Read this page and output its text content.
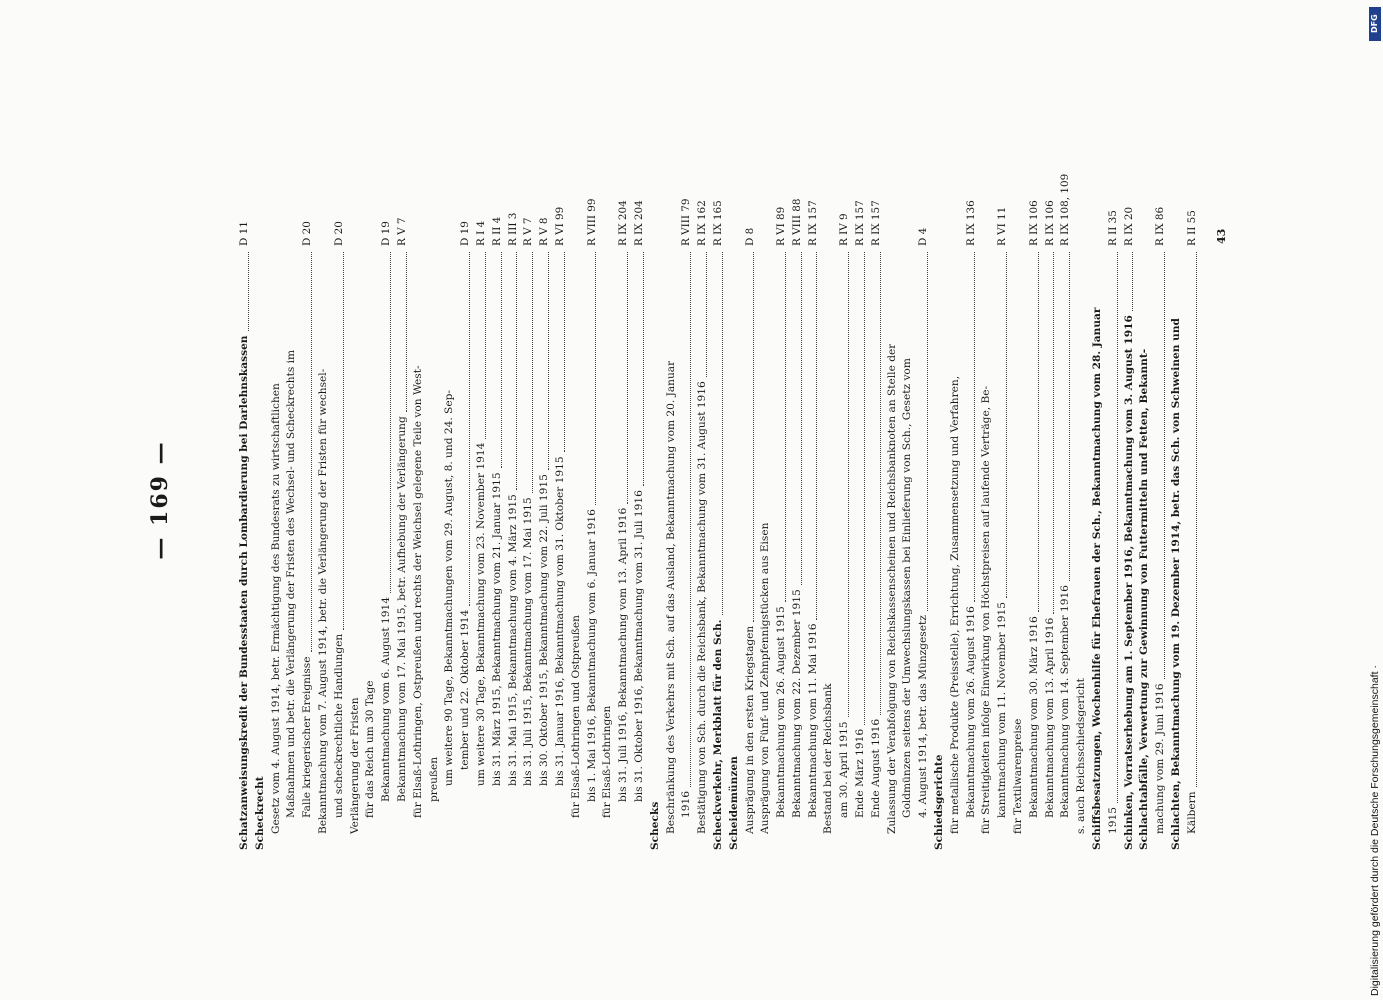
— 169 —
Schatzanweisungskredit der Bundesstaaten durch Lombardierung bei Darlehnskassen
D 11
Scheckrecht Gesetz vom 4. August 1914, betr. Ermächtigung des Bundesrats zu wirtschaftlichen Maßnahmen und betr. die Verlängerung der Fristen des Wechsel- und Scheckrechts im Falle kriegerischer Ereignisse
D 20
Bekanntmachung vom 7. August 1914, betr. die Verlängerung der Fristen für wechsel- und scheckrechtliche Handlungen
D 20
Verlängerung der Fristen für das Reich um 30 Tage Bekanntmachung vom 6. August 1914
D 19
Bekanntmachung vom 17. Mai 1915, betr. Aufhebung der Verlängerung
R V 7
für Elsaß-Lothringen, Ostpreußen und rechts der Weichsel gelegene Teile von West- preußen um weitere 90 Tage, Bekanntmachungen vom 29. August, 8. und 24. Sep- tember und 22. Oktober 1914
D 19
um weitere 30 Tage, Bekanntmachung vom 23. November 1914
R I 4
bis 31. März 1915, Bekanntmachung vom 21. Januar 1915
R II 4
bis 31. Mai 1915, Bekanntmachung vom 4. März 1915
R III 3
bis 31. Juli 1915, Bekanntmachung vom 17. Mai 1915
R V 7
bis 30. Oktober 1915, Bekanntmachung vom 22. Juli 1915
R V 8
bis 31. Januar 1916, Bekanntmachung vom 31. Oktober 1915
R VI 99
für Elsaß-Lothringen und Ostpreußen bis 1. Mai 1916, Bekanntmachung vom 6. Januar 1916
R VIII 99
für Elsaß-Lothringen bis 31. Juli 1916, Bekanntmachung vom 13. April 1916
R IX 204
bis 31. Oktober 1916, Bekanntmachung vom 31. Juli 1916
R IX 204
Schecks Beschränkung des Verkehrs mit Sch. auf das Ausland, Bekanntmachung vom 20. Januar 1916
R VIII 79
Bestätigung von Sch. durch die Reichsbank, Bekanntmachung vom 31. August 1916
R IX 162
Scheckverkehr, Merkblatt für den Sch.
R IX 165
Scheidemünzen Ausprägung in den ersten Kriegstagen
D 8
Ausprägung von Fünf- und Zehnpfennigstücken aus Eisen Bekanntmachung vom 26. August 1915
R VI 89
Bekanntmachung vom 22. Dezember 1915
R VIII 88
Bekanntmachung vom 11. Mai 1916
R IX 157
Bestand bei der Reichsbank am 30. April 1915
R IV 9
Ende März 1916
R IX 157
Ende August 1916
R IX 157
Zulassung der Verabfolgung von Reichskassenscheinen und Reichsbanknoten an Stelle der Goldmünzen seitens der Umwechslungskassen bei Einlieferung von Sch., Gesetz vom 4. August 1914, betr. das Münzgesetz
D 4
Schiedsgerichte für metallische Produkte (Preisstelle), Errichtung, Zusammensetzung und Verfahren, Bekanntmachung vom 26. August 1916
R IX 136
für Streitigkeiten infolge Einwirkung von Höchstpreisen auf laufende Verträge, Be- kanntmachung vom 11. November 1915
R VI 11
für Textilwarenpreise Bekanntmachung vom 30. März 1916
R IX 106
Bekanntmachung vom 13. April 1916
R IX 106
Bekanntmachung vom 14. September 1916
R IX 108, 109
s. auch Reichsschiedsgericht Schiffsbesatzungen, Wochenhilfe für Ehefrauen der Sch., Bekanntmachung vom 28. Januar
1915
R II 35
Schinken, Vorratserhebung am 1. September 1916, Bekanntmachung vom 3. August 1916
R IX 20
Schlachtabfälle, Verwertung zur Gewinnung von Futtermitteln und Fetten, Bekannt-
machung vom 29. Juni 1916
R IX 86
Schlachten, Bekanntmachung vom 19. Dezember 1914, betr. das Sch. von Schweinen und
Kälbern
R II 55 43
DFG
Digitalisierung gefördert durch die Deutsche Forschungsgemeinschaft ·
